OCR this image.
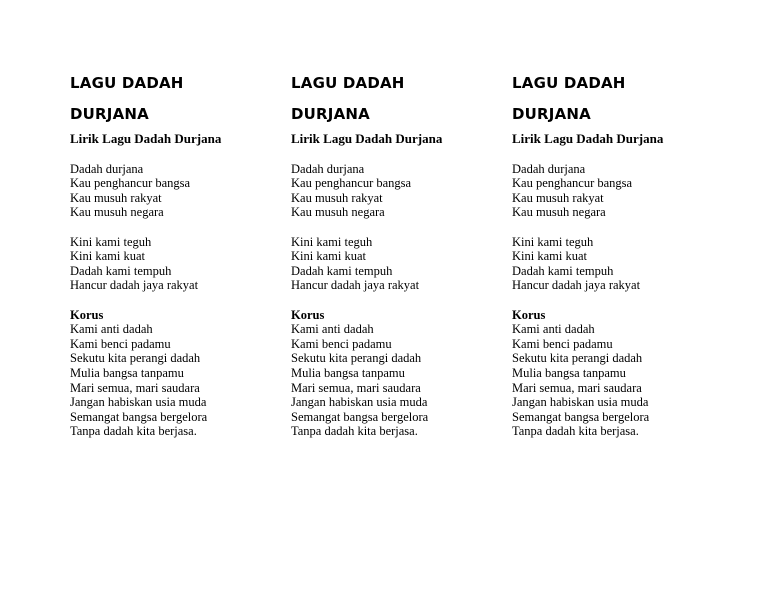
LAGU DADAH
DURJANA
Lirik Lagu Dadah Durjana
Dadah durjana
Kau penghancur bangsa
Kau musuh rakyat
Kau musuh negara
Kini kami teguh
Kini kami kuat
Dadah kami tempuh
Hancur dadah jaya rakyat
Korus
Kami anti dadah
Kami benci padamu
Sekutu kita perangi dadah
Mulia bangsa tanpamu
Mari semua, mari saudara
Jangan habiskan usia muda
Semangat bangsa bergelora
Tanpa dadah kita berjasa.
LAGU DADAH
DURJANA
Lirik Lagu Dadah Durjana
Dadah durjana
Kau penghancur bangsa
Kau musuh rakyat
Kau musuh negara
Kini kami teguh
Kini kami kuat
Dadah kami tempuh
Hancur dadah jaya rakyat
Korus
Kami anti dadah
Kami benci padamu
Sekutu kita perangi dadah
Mulia bangsa tanpamu
Mari semua, mari saudara
Jangan habiskan usia muda
Semangat bangsa bergelora
Tanpa dadah kita berjasa.
LAGU DADAH
DURJANA
Lirik Lagu Dadah Durjana
Dadah durjana
Kau penghancur bangsa
Kau musuh rakyat
Kau musuh negara
Kini kami teguh
Kini kami kuat
Dadah kami tempuh
Hancur dadah jaya rakyat
Korus
Kami anti dadah
Kami benci padamu
Sekutu kita perangi dadah
Mulia bangsa tanpamu
Mari semua, mari saudara
Jangan habiskan usia muda
Semangat bangsa bergelora
Tanpa dadah kita berjasa.
